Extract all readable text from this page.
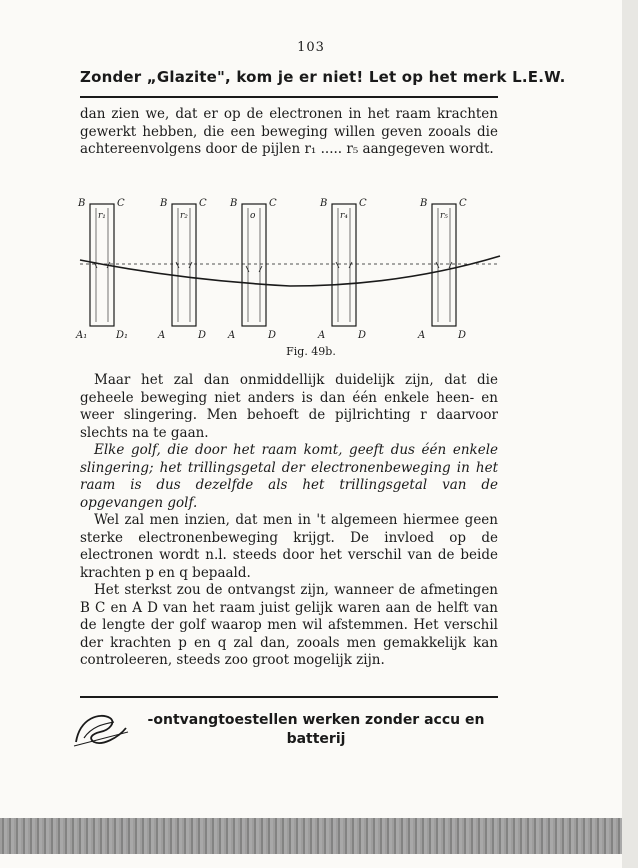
103
Zonder „Glazite", kom je er niet! Let op het merk L.E.W.

dan zien we, dat er op de electronen in het raam krachten gewerkt hebben, die een beweging willen geven zooals die achtereenvolgens door de pijlen r₁ ..... r₅ aangegeven wordt.

B	C
A₁	D₁
r₁
B	C
A	D
r₂
B	C
A	D
o
B	C
A	D
r₄
B	C
A	D
r₅
Fig. 49b.

Maar het zal dan onmiddellijk duidelijk zijn, dat die geheele beweging niet anders is dan één enkele heen- en weer slingering. Men behoeft de pijlrichting r daarvoor slechts na te gaan.

Elke golf, die door het raam komt, geeft dus één enkele slingering; het trillingsgetal der electronenbeweging in het raam is dus dezelfde als het trillingsgetal van de opgevangen golf.

Wel zal men inzien, dat men in 't algemeen hiermee geen sterke electronenbeweging krijgt. De invloed op de electronen wordt n.l. steeds door het verschil van de beide krachten p en q bepaald.

Het sterkst zou de ontvangst zijn, wanneer de afmetingen B C en A D van het raam juist gelijk waren aan de helft van de lengte der golf waarop men wil afstemmen. Het verschil der krachten p en q zal dan, zooals men gemakkelijk kan controleeren, steeds zoo groot mogelijk zijn.

-ontvangtoestellen werken zonder accu en
batterij
